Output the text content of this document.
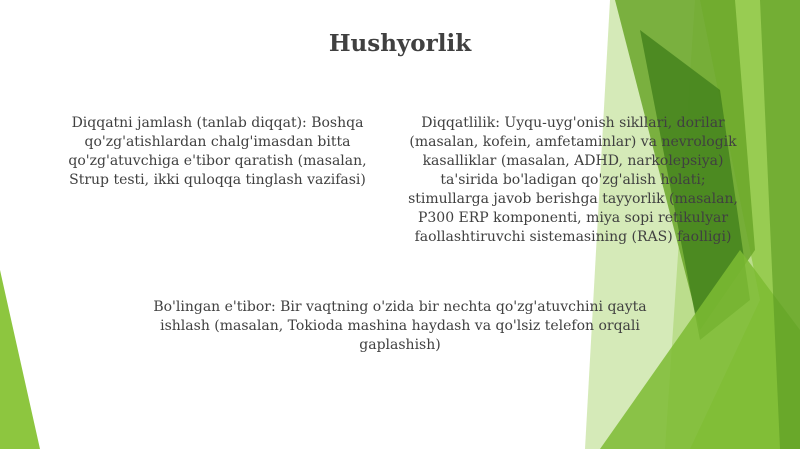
Hushyorlik
Diqqatni jamlash (tanlab diqqat): Boshqa qo'zg'atishlardan chalg'imasdan bitta qo'zg'atuvchiga e'tibor qaratish (masalan, Strup testi, ikki quloqqa tinglash vazifasi)
Diqqatlilik: Uyqu-uyg'onish sikllari, dorilar (masalan, kofein, amfetaminlar) va nevrologik kasalliklar (masalan, ADHD, narkolepsiya) ta'sirida bo'ladigan qo'zg'alish holati; stimullarga javob berishga tayyorlik (masalan, P300 ERP komponenti, miya sopi retikulyar faollashtiruvchi sistemasining (RAS) faolligi)
Bo'lingan e'tibor: Bir vaqtning o'zida bir nechta qo'zg'atuvchini qayta ishlash (masalan, Tokioda mashina haydash va qo'lsiz telefon orqali gaplashish)
